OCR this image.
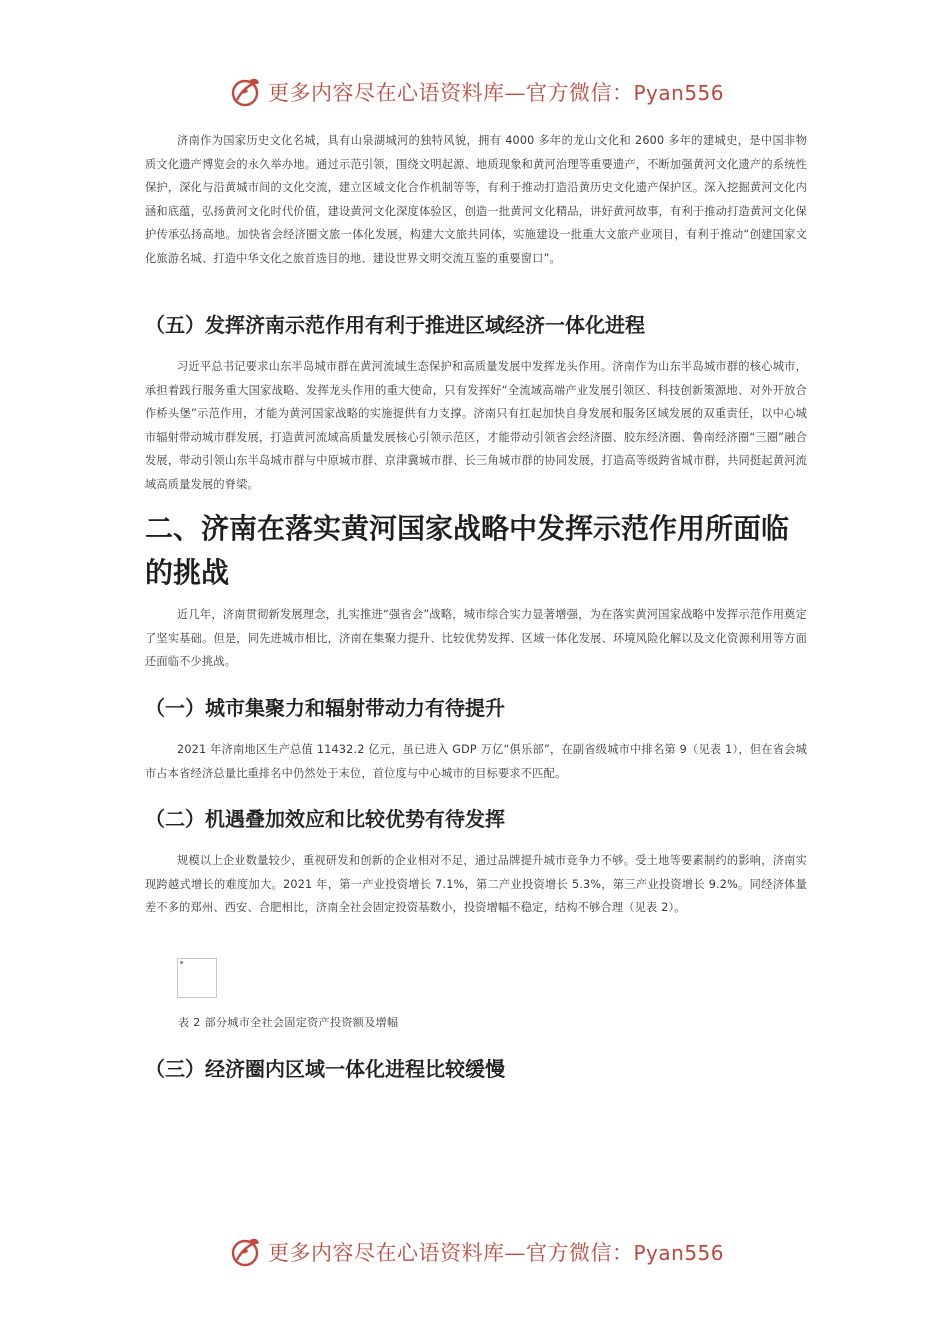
更多内容尽在心语资料库—官方微信：Pyan556
济南作为国家历史文化名城，具有山泉湖城河的独特风貌，拥有 4000 多年的龙山文化和 2600 多年的建城史，是中国非物质文化遗产博览会的永久举办地。通过示范引领，围绕文明起源、地质现象和黄河治理等重要遗产，不断加强黄河文化遗产的系统性保护，深化与沿黄城市间的文化交流，建立区域文化合作机制等等，有利于推动打造沿黄历史文化遗产保护区。深入挖掘黄河文化内涵和底蕴，弘扬黄河文化时代价值，建设黄河文化深度体验区，创造一批黄河文化精品，讲好黄河故事，有利于推动打造黄河文化保护传承弘扬高地。加快省会经济圈文旅一体化发展，构建大文旅共同体，实施建设一批重大文旅产业项目，有利于推动“创建国家文化旅游名城、打造中华文化之旅首选目的地、建设世界文明交流互鉴的重要窗口”。
（五）发挥济南示范作用有利于推进区域经济一体化进程
习近平总书记要求山东半岛城市群在黄河流域生态保护和高质量发展中发挥龙头作用。济南作为山东半岛城市群的核心城市，承担着践行服务重大国家战略、发挥龙头作用的重大使命，只有发挥好“全流域高端产业发展引领区、科技创新策源地、对外开放合作桥头堡”示范作用，才能为黄河国家战略的实施提供有力支撑。济南只有扛起加快自身发展和服务区域发展的双重责任，以中心城市辐射带动城市群发展，打造黄河流域高质量发展核心引领示范区，才能带动引领省会经济圈、胶东经济圈、鲁南经济圈“三圈”融合发展，带动引领山东半岛城市群与中原城市群、京津冀城市群、长三角城市群的协同发展，打造高等级跨省城市群，共同挺起黄河流域高质量发展的脊梁。
二、济南在落实黄河国家战略中发挥示范作用所面临的挑战
近几年，济南贯彻新发展理念，扎实推进“强省会”战略，城市综合实力显著增强，为在落实黄河国家战略中发挥示范作用奠定了坚实基础。但是，同先进城市相比，济南在集聚力提升、比较优势发挥、区域一体化发展、环境风险化解以及文化资源利用等方面还面临不少挑战。
（一）城市集聚力和辐射带动力有待提升
2021 年济南地区生产总值 11432.2 亿元，虽已进入 GDP 万亿“俱乐部”，在副省级城市中排名第 9（见表 1），但在省会城市占本省经济总量比重排名中仍然处于末位，首位度与中心城市的目标要求不匹配。
（二）机遇叠加效应和比较优势有待发挥
规模以上企业数量较少，重视研发和创新的企业相对不足，通过品牌提升城市竞争力不够。受土地等要素制约的影响，济南实现跨越式增长的难度加大。2021 年，第一产业投资增长 7.1%，第二产业投资增长 5.3%，第三产业投资增长 9.2%。同经济体量差不多的郑州、西安、合肥相比，济南全社会固定投资基数小，投资增幅不稳定，结构不够合理（见表 2）。
表 2 部分城市全社会固定资产投资额及增幅
（三）经济圈内区域一体化进程比较缓慢
更多内容尽在心语资料库—官方微信：Pyan556
